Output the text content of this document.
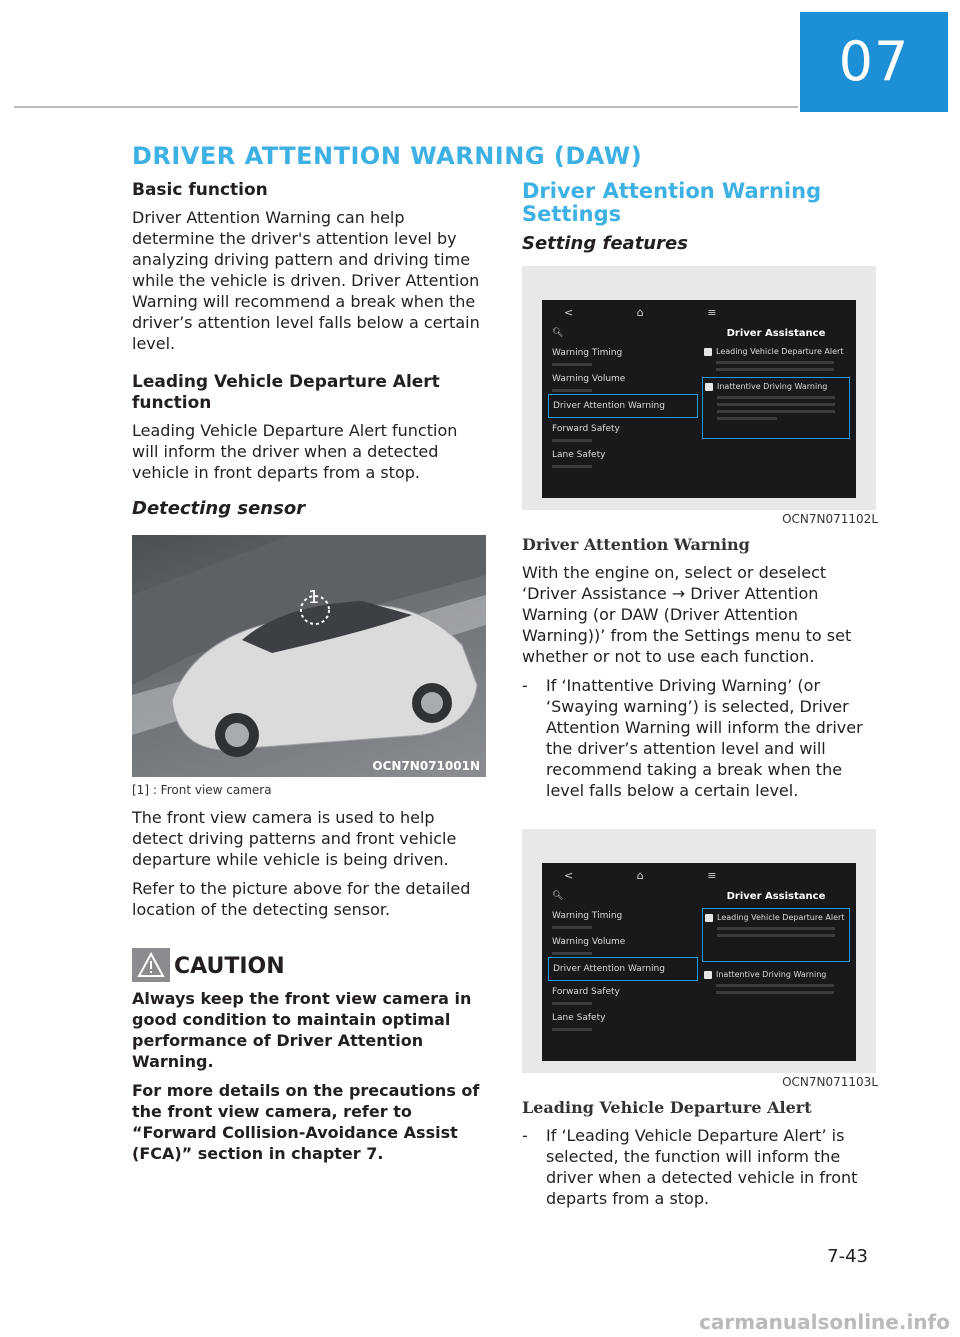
07
DRIVER ATTENTION WARNING (DAW)
Basic function

Driver Attention Warning can help determine the driver's attention level by analyzing driving pattern and driving time while the vehicle is driven. Driver Attention Warning will recommend a break when the driver’s attention level falls below a certain level.

Leading Vehicle Departure Alert function

Leading Vehicle Departure Alert function will inform the driver when a detected vehicle in front departs from a stop.

Detecting sensor
1
OCN7N071001N
[1] : Front view camera

The front view camera is used to help detect driving patterns and front vehicle departure while vehicle is being driven.

Refer to the picture above for the detailed location of the detecting sensor.

CAUTION

Always keep the front view camera in good condition to maintain optimal performance of Driver Attention Warning.

For more details on the precautions of the front view camera, refer to “Forward Collision-Avoidance Assist (FCA)” section in chapter 7.

Driver Attention Warning Settings
Setting features
<	⌂	≡
🔍︎
Warning Timing
Warning Volume
Driver Attention Warning
Forward Safety
Lane Safety
Driver Assistance
Leading Vehicle Departure Alert
Inattentive Driving Warning
OCN7N071102L
Driver Attention Warning

With the engine on, select or deselect ‘Driver Assistance → Driver Attention Warning (or DAW (Driver Attention Warning))’ from the Settings menu to set whether or not to use each function.

- If ‘Inattentive Driving Warning’ (or ‘Swaying warning’) is selected, Driver Attention Warning will inform the driver the driver’s attention level and will recommend taking a break when the level falls below a certain level.
<	⌂	≡
🔍︎
Warning Timing
Warning Volume
Driver Attention Warning
Forward Safety
Lane Safety
Driver Assistance
Leading Vehicle Departure Alert
Inattentive Driving Warning
OCN7N071103L
Leading Vehicle Departure Alert
- If ‘Leading Vehicle Departure Alert’ is selected, the function will inform the driver when a detected vehicle in front departs from a stop.
7-43
carmanualsonline.info
